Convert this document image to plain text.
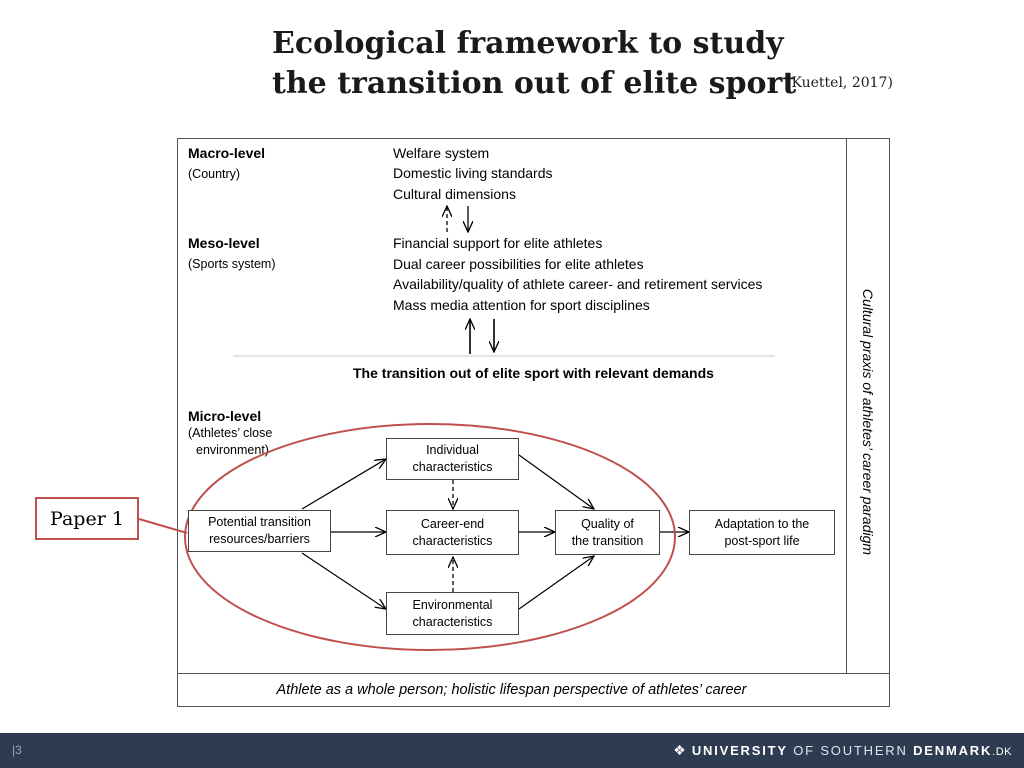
Ecological framework to study
the transition out of elite sport
(Kuettel, 2017)
Macro-level
(Country)
Welfare system
Domestic living standards
Cultural dimensions
Meso-level
(Sports system)
Financial support for elite athletes
Dual career possibilities for elite athletes
Availability/quality of athlete career- and retirement services
Mass media attention for sport disciplines
The transition out of elite sport with relevant demands
Micro-level
(Athletes’ close
environment)	Individual
characteristics
Potential transition
resources/barriers
Career-end
characteristics
Quality of
the transition
Adaptation to the
post-sport life
Environmental
characteristics
Cultural praxis of athletes’ career paradigm
Athlete as a whole person; holistic lifespan perspective of athletes’ career
Paper 1
|3	❖ UNIVERSITY OF SOUTHERN DENMARK.DK
